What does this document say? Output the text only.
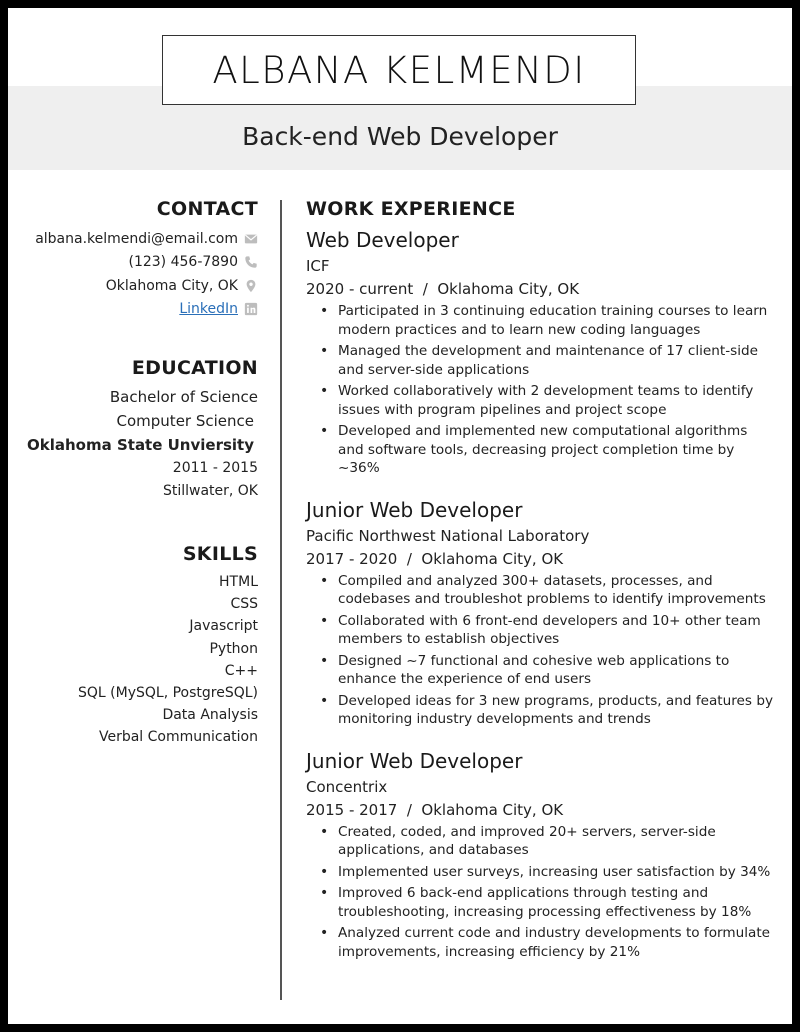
ALBANA KELMENDI
Back-end Web Developer
CONTACT
albana.kelmendi@email.com
(123) 456-7890
Oklahoma City, OK
LinkedIn
EDUCATION
Bachelor of Science
Computer Science
Oklahoma State Unviersity
2011 - 2015
Stillwater, OK
SKILLS
HTML
CSS
Javascript
Python
C++
SQL (MySQL, PostgreSQL)
Data Analysis
Verbal Communication
WORK EXPERIENCE
Web Developer
ICF
2020 - current  /  Oklahoma City, OK
• Participated in 3 continuing education training courses to learn modern practices and to learn new coding languages
• Managed the development and maintenance of 17 client-side and server-side applications
• Worked collaboratively with 2 development teams to identify issues with program pipelines and project scope
• Developed and implemented new computational algorithms and software tools, decreasing project completion time by ~36%
Junior Web Developer
Pacific Northwest National Laboratory
2017 - 2020  /  Oklahoma City, OK
• Compiled and analyzed 300+ datasets, processes, and codebases and troubleshot problems to identify improvements
• Collaborated with 6 front-end developers and 10+ other team members to establish objectives
• Designed ~7 functional and cohesive web applications to enhance the experience of end users
• Developed ideas for 3 new programs, products, and features by monitoring industry developments and trends
Junior Web Developer
Concentrix
2015 - 2017  /  Oklahoma City, OK
• Created, coded, and improved 20+ servers, server-side applications, and databases
• Implemented user surveys, increasing user satisfaction by 34%
• Improved 6 back-end applications through testing and troubleshooting, increasing processing effectiveness by 18%
• Analyzed current code and industry developments to formulate improvements, increasing efficiency by 21%
